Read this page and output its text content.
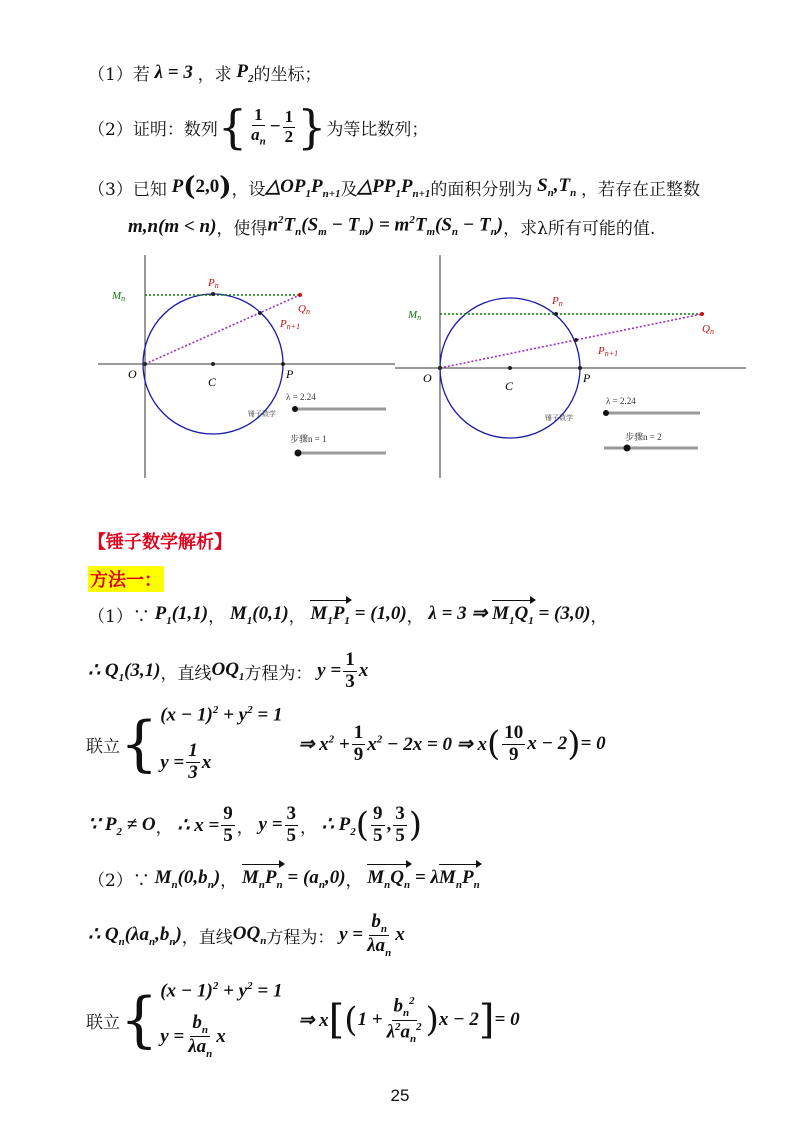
（1）若 λ = 3 ，求 $P_2$ 的坐标；
（2）证明：数列 { $\frac{1}{a_n} - \frac{1}{2}$ } 为等比数列；
（3）已知 P ( 2,0 ) ，设 $\triangle OP_1P_{n+1}$ 及 $\triangle PP_1P_{n+1}$ 的面积分别为 $S_n,T_n$ ，若存在正整数
m,n(m < n) ，使得 $n^2T_n(S_m - T_m) = m^2T_m(S_n - T_n)$ ，求λ所有可能的值.
O
C
P
Mn
Pn
Qn
Pn+1
锤子数学
λ = 2.24
步骤n = 1
O
C
P
Mn
Pn
Qn
Pn+1
锤子数学
λ = 2.24
步骤n = 2
【锤子数学解析】
方法一：
（1）∵ $P_1(1,1)$ ， $M_1(0,1)$ ， $M_1P_1 = (1,0)$ ， λ = 3 ⇒ $M_1Q_1 = (3,0)$ ，
∴ $Q_1(3,1)$ ，直线 $OQ_1$ 方程为： $y = \frac{1}{3}$ x
联立 { $(x - 1)^2 + y^2 = 1$
$y = \frac{1}{3}$ x
⇒ $x^2 + \frac{1}{9} x^2 - 2x = 0$ ⇒ x ( $\frac{10}{9}$ x − 2 ) = 0
∵ $P_2 \ne O$ ， ∴ $x = \frac{9}{5}$ ， $y = \frac{3}{5}$ ， ∴ $P_2$ ( $\frac{9}{5}$ , $\frac{3}{5}$ )
（2）∵ $M_n(0,b_n)$ ， $M_nP_n = (a_n,0)$ ， $M_nQ_n = \lambda M_nP_n$
∴ $Q_n(\lambda a_n,b_n)$ ，直线 $OQ_n$ 方程为： $y = \frac{b_n}{\lambda a_n}$ x
联立 { $(x - 1)^2 + y^2 = 1$
$y = \frac{b_n}{\lambda a_n}$ x
⇒ x [ ( $1 + \frac{b_n^2}{\lambda^2a_n^2}$ ) x − 2 ] = 0
25
